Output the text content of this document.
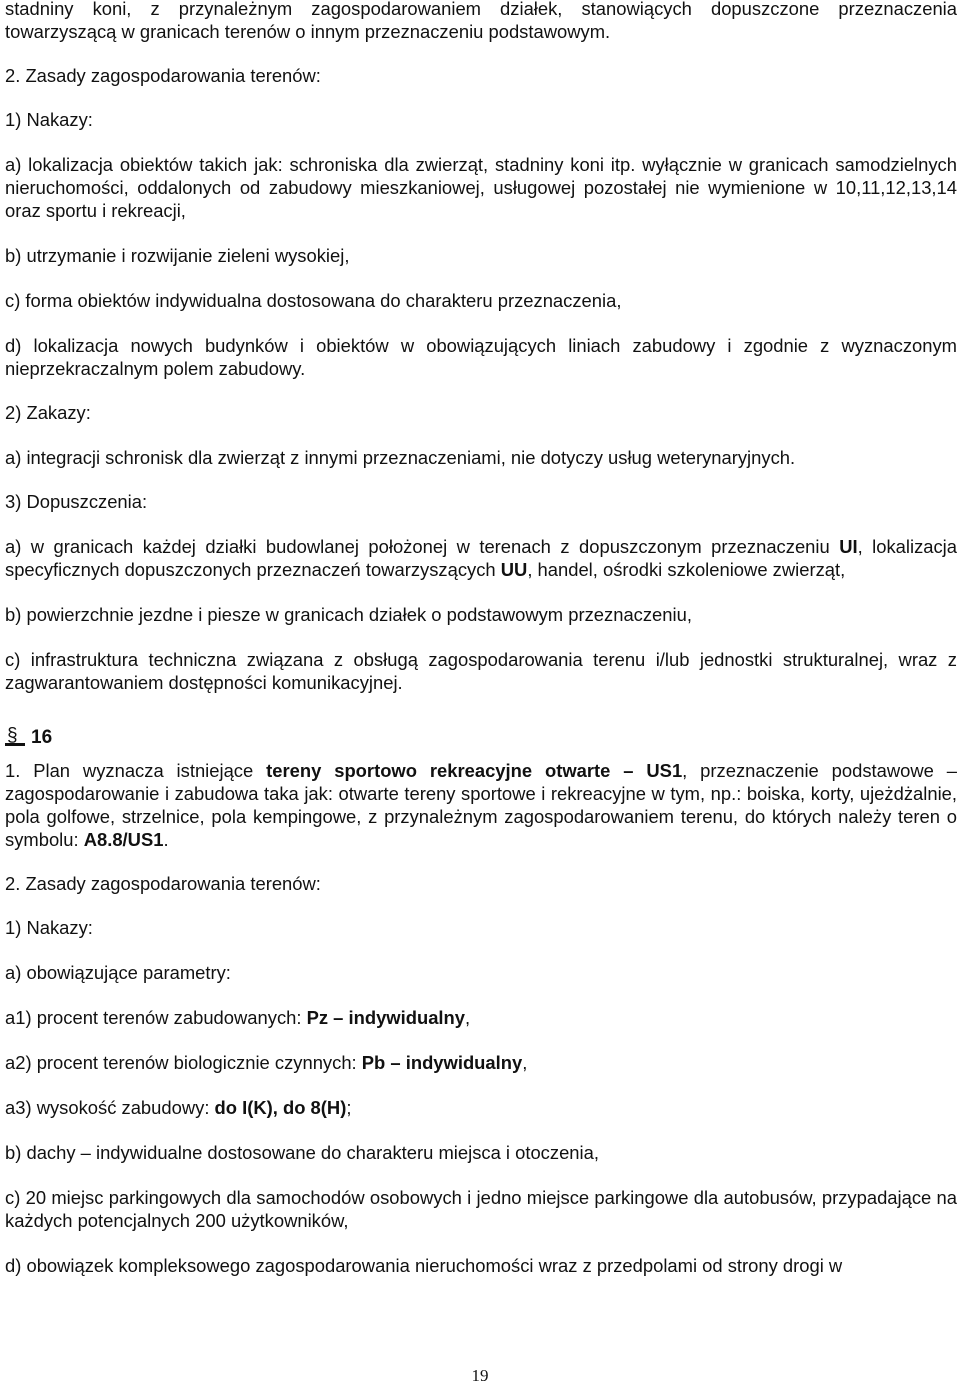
stadniny koni, z przynależnym zagospodarowaniem działek, stanowiących dopuszczone przeznaczenia towarzyszącą w granicach terenów o innym przeznaczeniu podstawowym.

2. Zasady zagospodarowania terenów:

1) Nakazy:

a) lokalizacja obiektów takich jak: schroniska dla zwierząt, stadniny koni itp. wyłącznie w granicach samodzielnych nieruchomości, oddalonych od zabudowy mieszkaniowej, usługowej pozostałej nie wymienione w 10,11,12,13,14 oraz sportu i rekreacji,

b) utrzymanie i rozwijanie zieleni wysokiej,

c) forma obiektów indywidualna dostosowana do charakteru przeznaczenia,

d) lokalizacja nowych budynków i obiektów w obowiązujących liniach zabudowy i zgodnie z wyznaczonym nieprzekraczalnym polem zabudowy.

2) Zakazy:

a) integracji schronisk dla zwierząt z innymi przeznaczeniami, nie dotyczy usług weterynaryjnych.

3) Dopuszczenia:

a) w granicach każdej działki budowlanej położonej w terenach z dopuszczonym przeznaczeniu UI, lokalizacja specyficznych dopuszczonych przeznaczeń towarzyszących UU, handel, ośrodki szkoleniowe zwierząt,

b) powierzchnie jezdne i piesze w granicach działek o podstawowym przeznaczeniu,

c) infrastruktura techniczna związana z obsługą zagospodarowania terenu i/lub jednostki strukturalnej, wraz z zagwarantowaniem dostępności komunikacyjnej.

§
16

1. Plan wyznacza istniejące tereny sportowo rekreacyjne otwarte – US1, przeznaczenie podstawowe – zagospodarowanie i zabudowa taka jak: otwarte tereny sportowe i rekreacyjne w tym, np.: boiska, korty, ujeżdżalnie, pola golfowe, strzelnice, pola kempingowe, z przynależnym zagospodarowaniem terenu, do których należy teren o symbolu: A8.8/US1.

2. Zasady zagospodarowania terenów:

1) Nakazy:

a) obowiązujące parametry:

a1) procent terenów zabudowanych: Pz – indywidualny,

a2) procent terenów biologicznie czynnych: Pb – indywidualny,

a3) wysokość zabudowy: do I(K), do 8(H);

b) dachy – indywidualne dostosowane do charakteru miejsca i otoczenia,

c) 20 miejsc parkingowych dla samochodów osobowych i jedno miejsce parkingowe dla autobusów, przypadające na każdych potencjalnych 200 użytkowników,

d) obowiązek kompleksowego zagospodarowania nieruchomości wraz z przedpolami od strony drogi w

19
